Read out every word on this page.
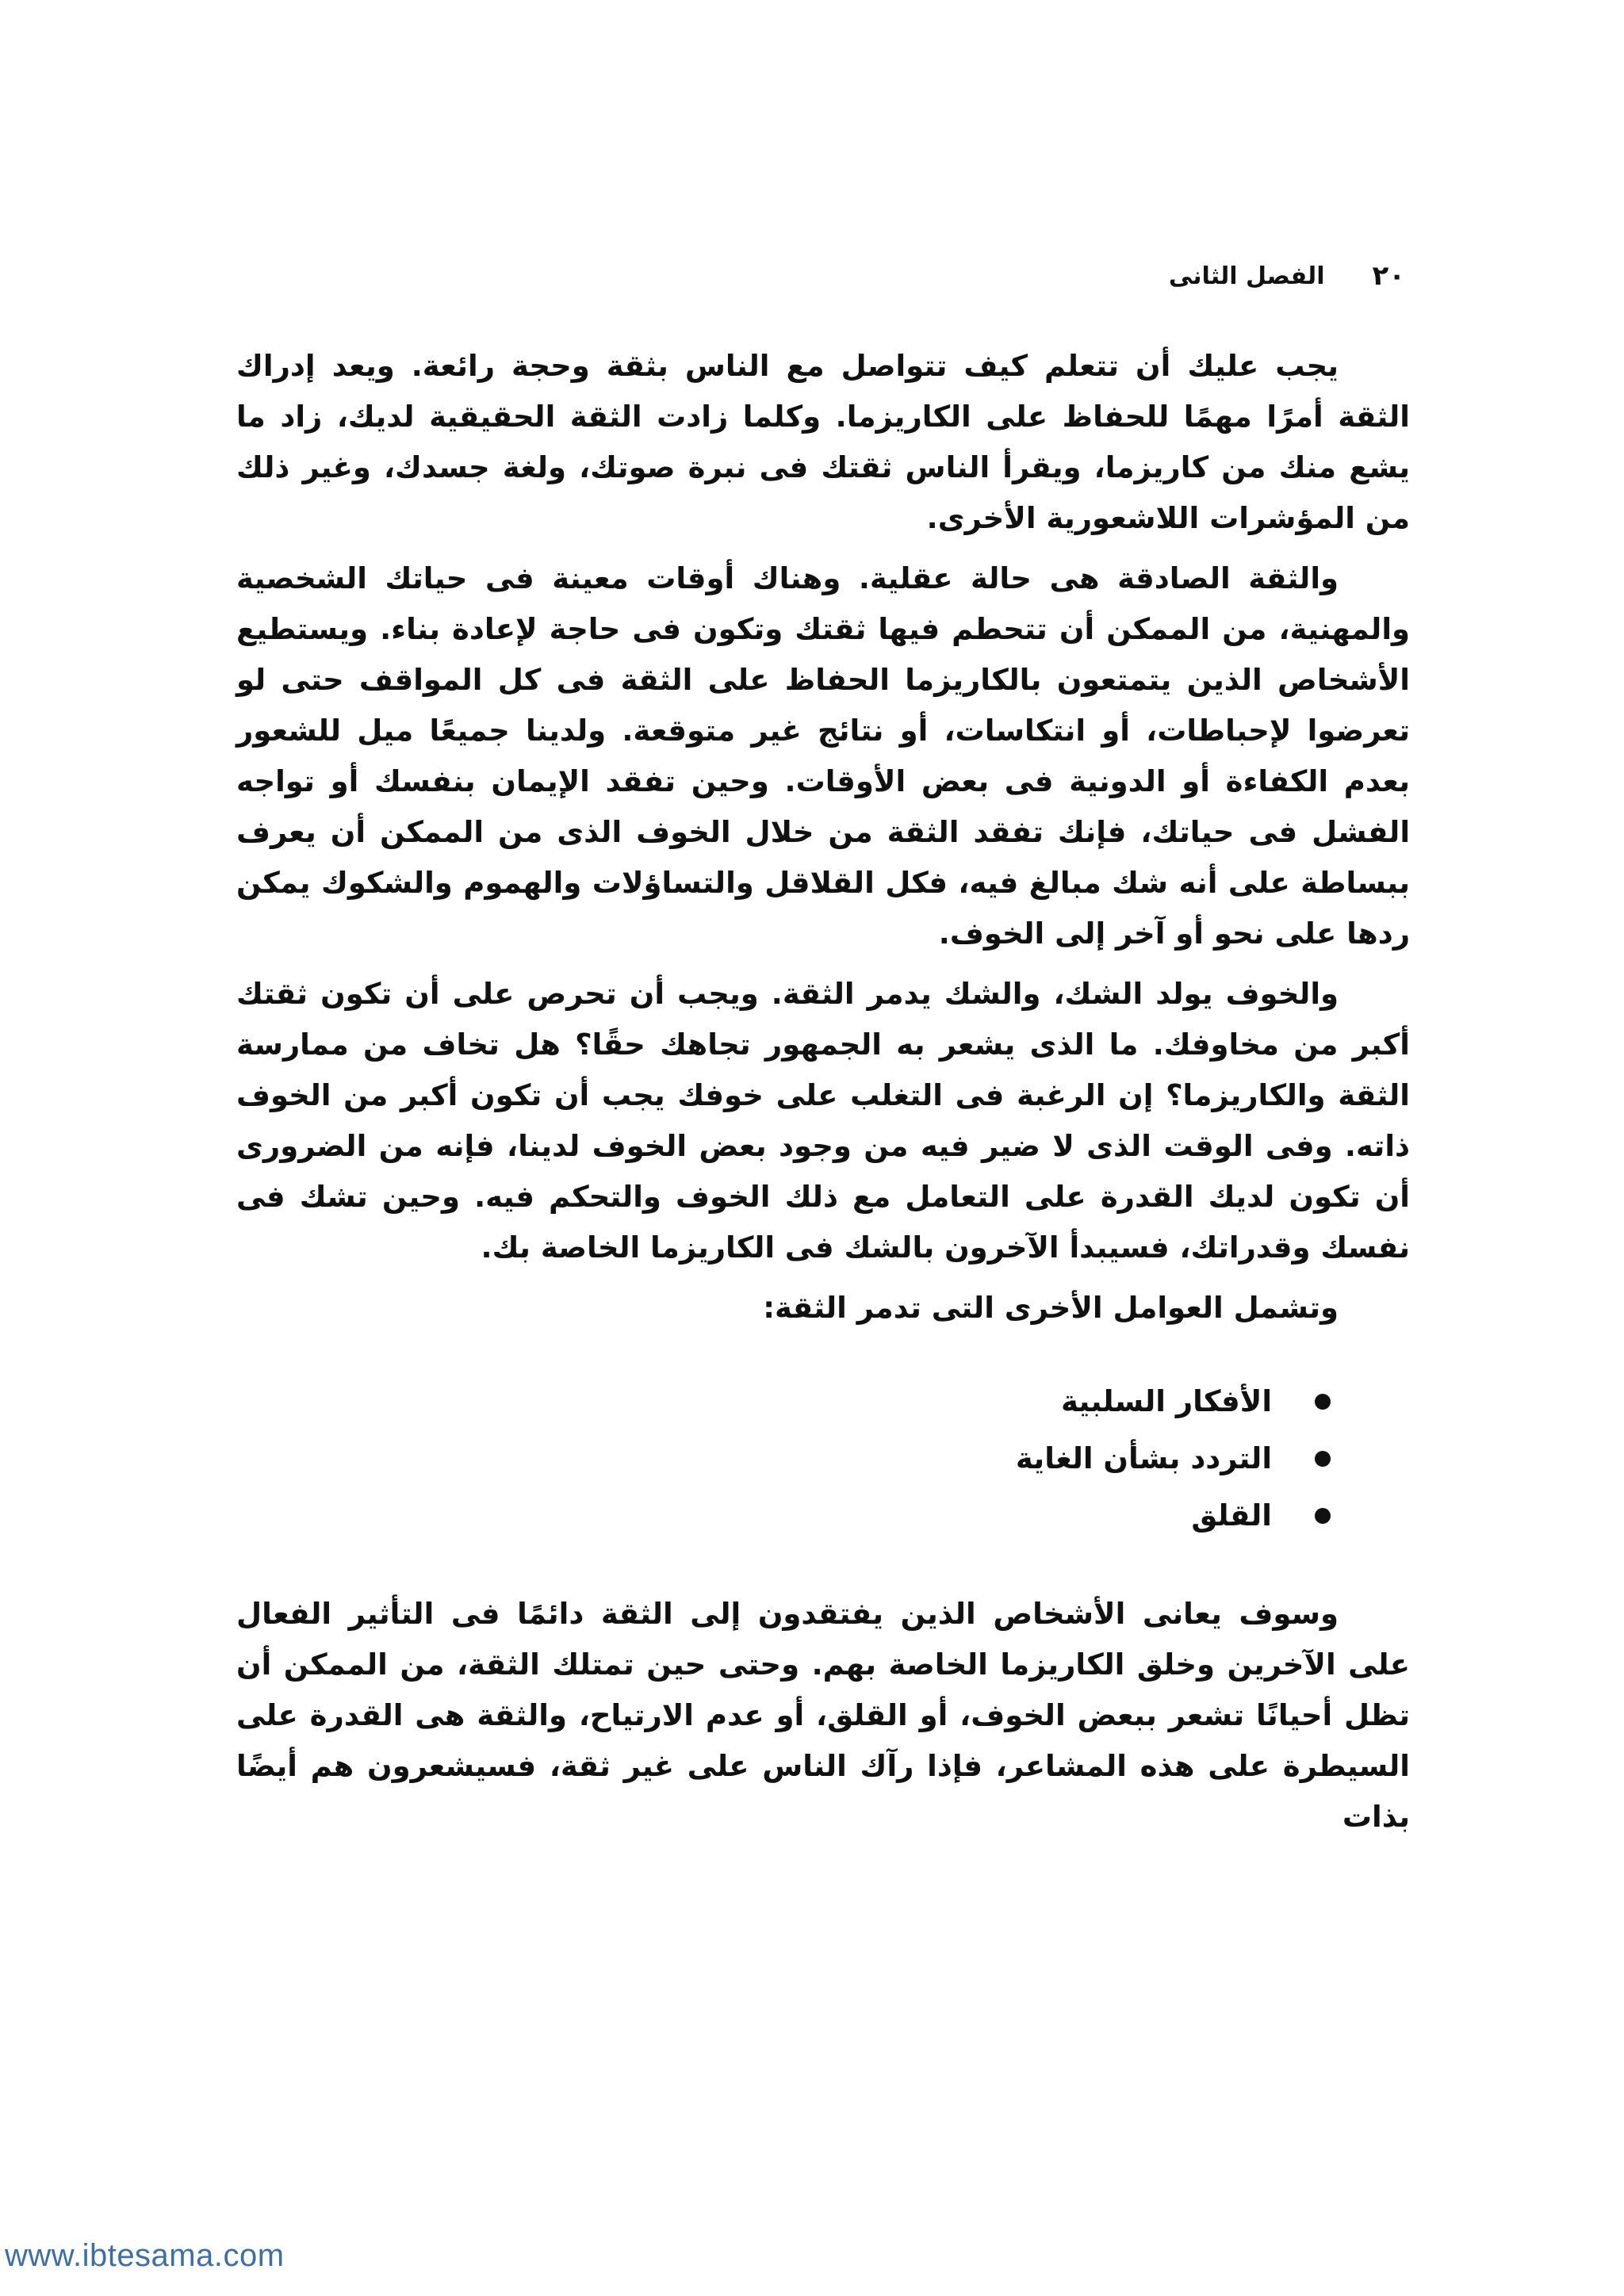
٢٠
الفصل الثانى

يجب عليك أن تتعلم كيف تتواصل مع الناس بثقة وحجة رائعة. ويعد إدراك الثقة أمرًا مهمًا للحفاظ على الكاريزما. وكلما زادت الثقة الحقيقية لديك، زاد ما يشع منك من كاريزما، ويقرأ الناس ثقتك فى نبرة صوتك، ولغة جسدك، وغير ذلك من المؤشرات اللاشعورية الأخرى.

والثقة الصادقة هى حالة عقلية. وهناك أوقات معينة فى حياتك الشخصية والمهنية، من الممكن أن تتحطم فيها ثقتك وتكون فى حاجة لإعادة بناء. ويستطيع الأشخاص الذين يتمتعون بالكاريزما الحفاظ على الثقة فى كل المواقف حتى لو تعرضوا لإحباطات، أو انتكاسات، أو نتائج غير متوقعة. ولدينا جميعًا ميل للشعور بعدم الكفاءة أو الدونية فى بعض الأوقات. وحين تفقد الإيمان بنفسك أو تواجه الفشل فى حياتك، فإنك تفقد الثقة من خلال الخوف الذى من الممكن أن يعرف ببساطة على أنه شك مبالغ فيه، فكل القلاقل والتساؤلات والهموم والشكوك يمكن ردها على نحو أو آخر إلى الخوف.

والخوف يولد الشك، والشك يدمر الثقة. ويجب أن تحرص على أن تكون ثقتك أكبر من مخاوفك. ما الذى يشعر به الجمهور تجاهك حقًا؟ هل تخاف من ممارسة الثقة والكاريزما؟ إن الرغبة فى التغلب على خوفك يجب أن تكون أكبر من الخوف ذاته. وفى الوقت الذى لا ضير فيه من وجود بعض الخوف لدينا، فإنه من الضرورى أن تكون لديك القدرة على التعامل مع ذلك الخوف والتحكم فيه. وحين تشك فى نفسك وقدراتك، فسيبدأ الآخرون بالشك فى الكاريزما الخاصة بك.

وتشمل العوامل الأخرى التى تدمر الثقة:

الأفكار السلبية
التردد بشأن الغاية
القلق

وسوف يعانى الأشخاص الذين يفتقدون إلى الثقة دائمًا فى التأثير الفعال على الآخرين وخلق الكاريزما الخاصة بهم. وحتى حين تمتلك الثقة، من الممكن أن تظل أحيانًا تشعر ببعض الخوف، أو القلق، أو عدم الارتياح، والثقة هى القدرة على السيطرة على هذه المشاعر، فإذا رآك الناس على غير ثقة، فسيشعرون هم أيضًا بذات

www.ibtesama.com
